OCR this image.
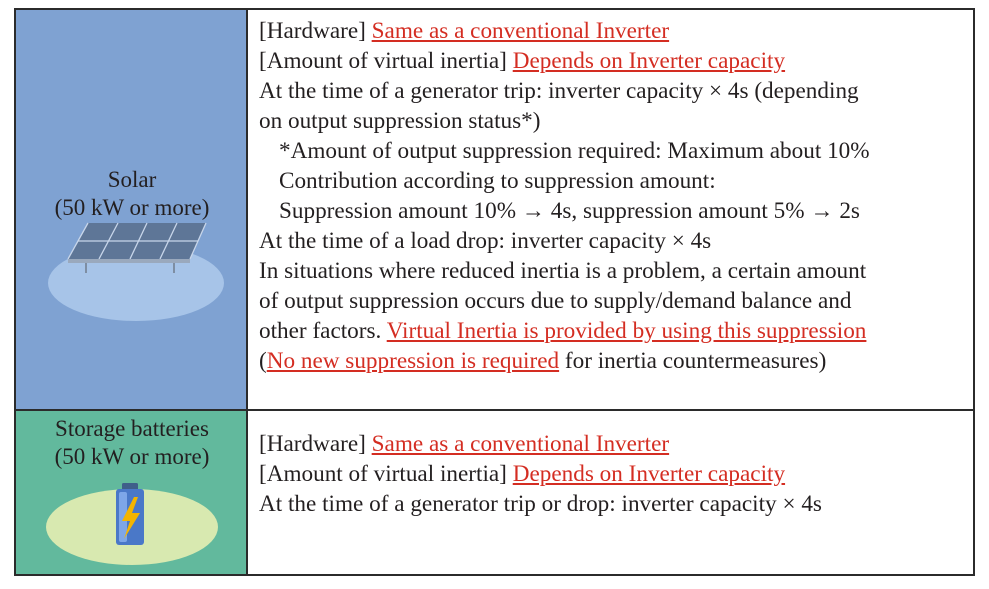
Solar
(50 kW or more)
[Hardware] Same as a conventional Inverter
[Amount of virtual inertia] Depends on Inverter capacity
At the time of a generator trip: inverter capacity × 4s (depending
on output suppression status*)
*Amount of output suppression required: Maximum about 10%
Contribution according to suppression amount:
Suppression amount 10% → 4s, suppression amount 5% → 2s
At the time of a load drop: inverter capacity × 4s
In situations where reduced inertia is a problem, a certain amount
of output suppression occurs due to supply/demand balance and
other factors. Virtual Inertia is provided by using this suppression
(No new suppression is required for inertia countermeasures)
Storage batteries
(50 kW or more)	[Hardware] Same as a conventional Inverter
[Amount of virtual inertia] Depends on Inverter capacity
At the time of a generator trip or drop: inverter capacity × 4s
